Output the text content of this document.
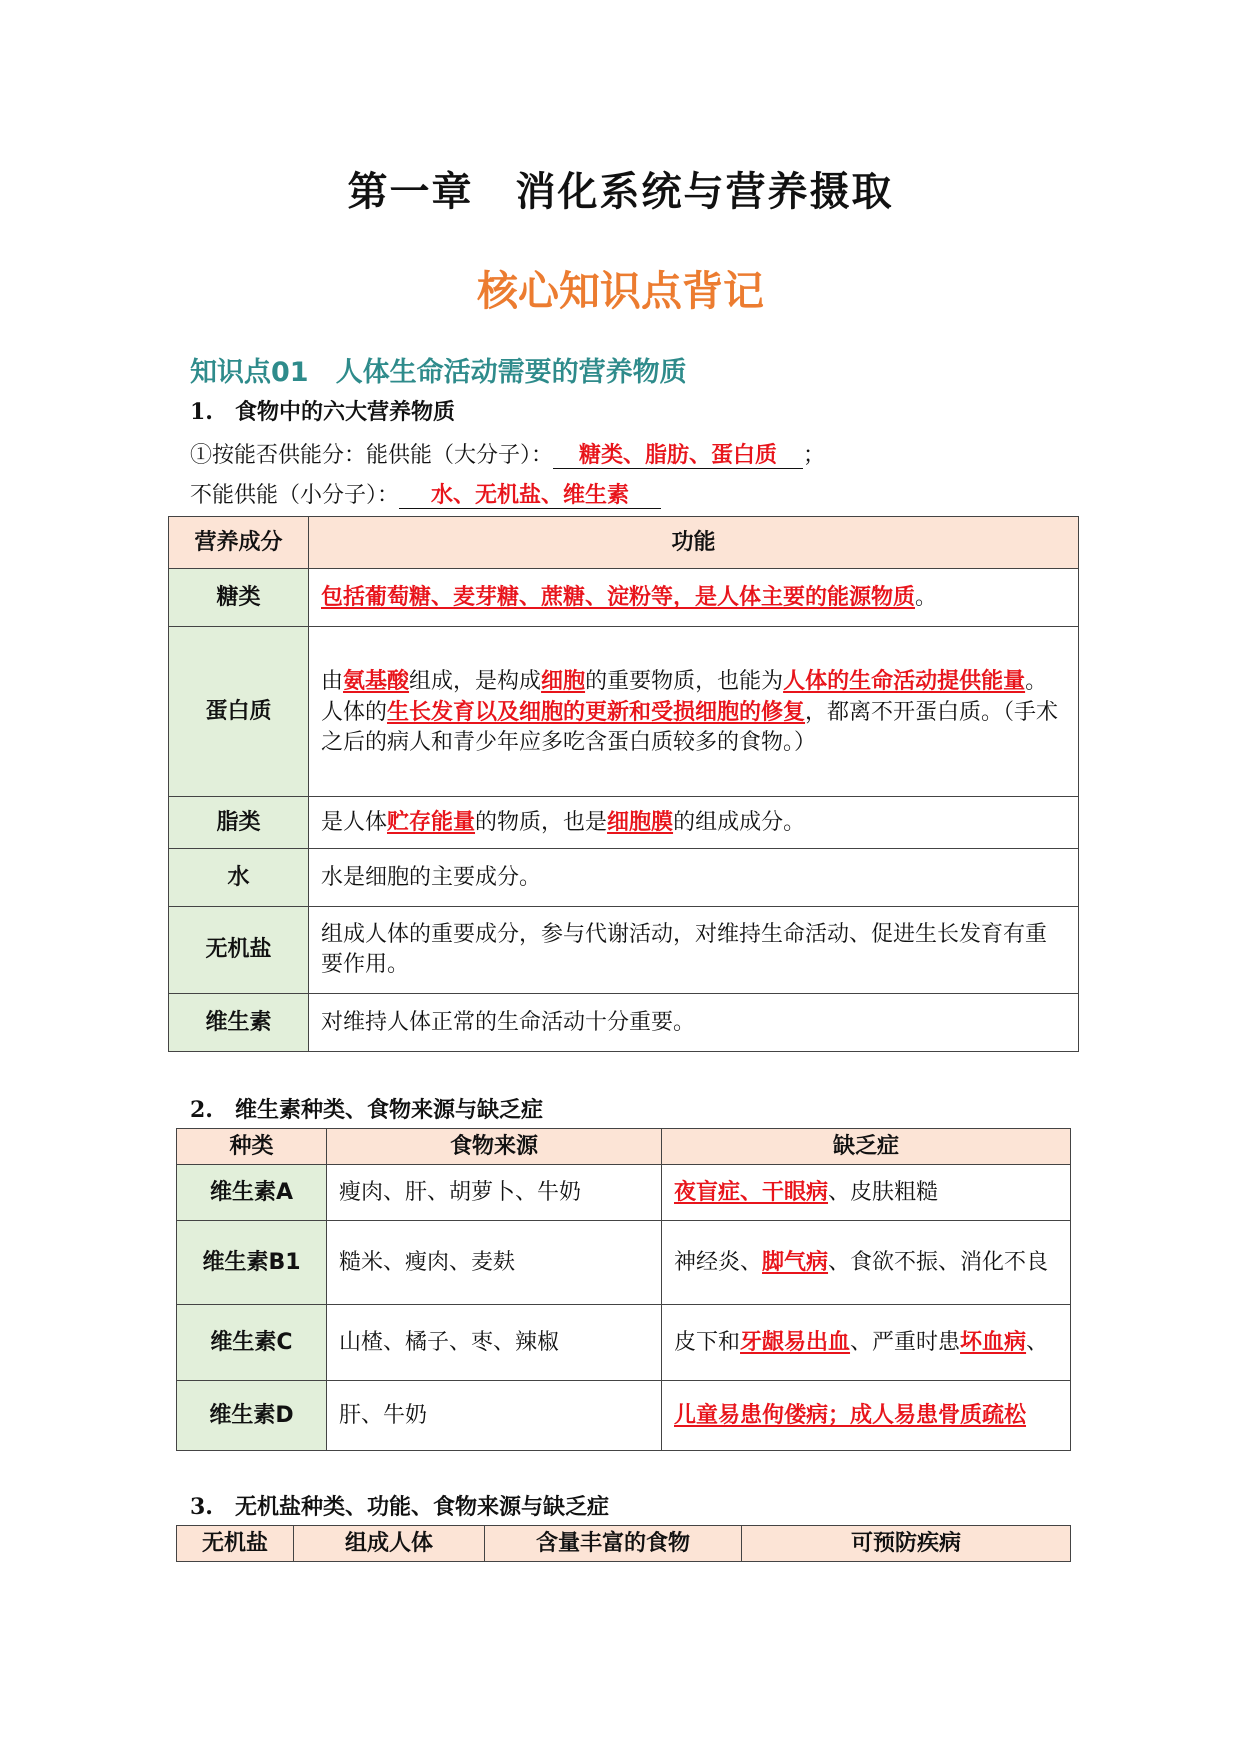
第一章　消化系统与营养摄取
核心知识点背记
知识点01　人体生命活动需要的营养物质
1.　食物中的六大营养物质
①按能否供能分：能供能（大分子）： 糖类、脂肪、蛋白质 ；
不能供能（小分子）： 水、无机盐、维生素
营养成分	功能
糖类	包括葡萄糖、麦芽糖、蔗糖、淀粉等，是人体主要的能源物质。
蛋白质	由氨基酸组成，是构成细胞的重要物质，也能为人体的生命活动提供能量。人体的生长发育以及细胞的更新和受损细胞的修复，都离不开蛋白质。（手术之后的病人和青少年应多吃含蛋白质较多的食物。）
脂类	是人体贮存能量的物质，也是细胞膜的组成成分。
水	水是细胞的主要成分。
无机盐	组成人体的重要成分，参与代谢活动，对维持生命活动、促进生长发育有重要作用。
维生素	对维持人体正常的生命活动十分重要。
2.　维生素种类、食物来源与缺乏症
种类	食物来源	缺乏症
维生素A	瘦肉、肝、胡萝卜、牛奶	夜盲症、干眼病、皮肤粗糙
维生素B1	糙米、瘦肉、麦麸	神经炎、脚气病、食欲不振、消化不良
维生素C	山楂、橘子、枣、辣椒	皮下和牙龈易出血、严重时患坏血病、
维生素D	肝、牛奶	儿童易患佝偻病；成人易患骨质疏松
3.　无机盐种类、功能、食物来源与缺乏症
无机盐	组成人体	含量丰富的食物	可预防疾病
